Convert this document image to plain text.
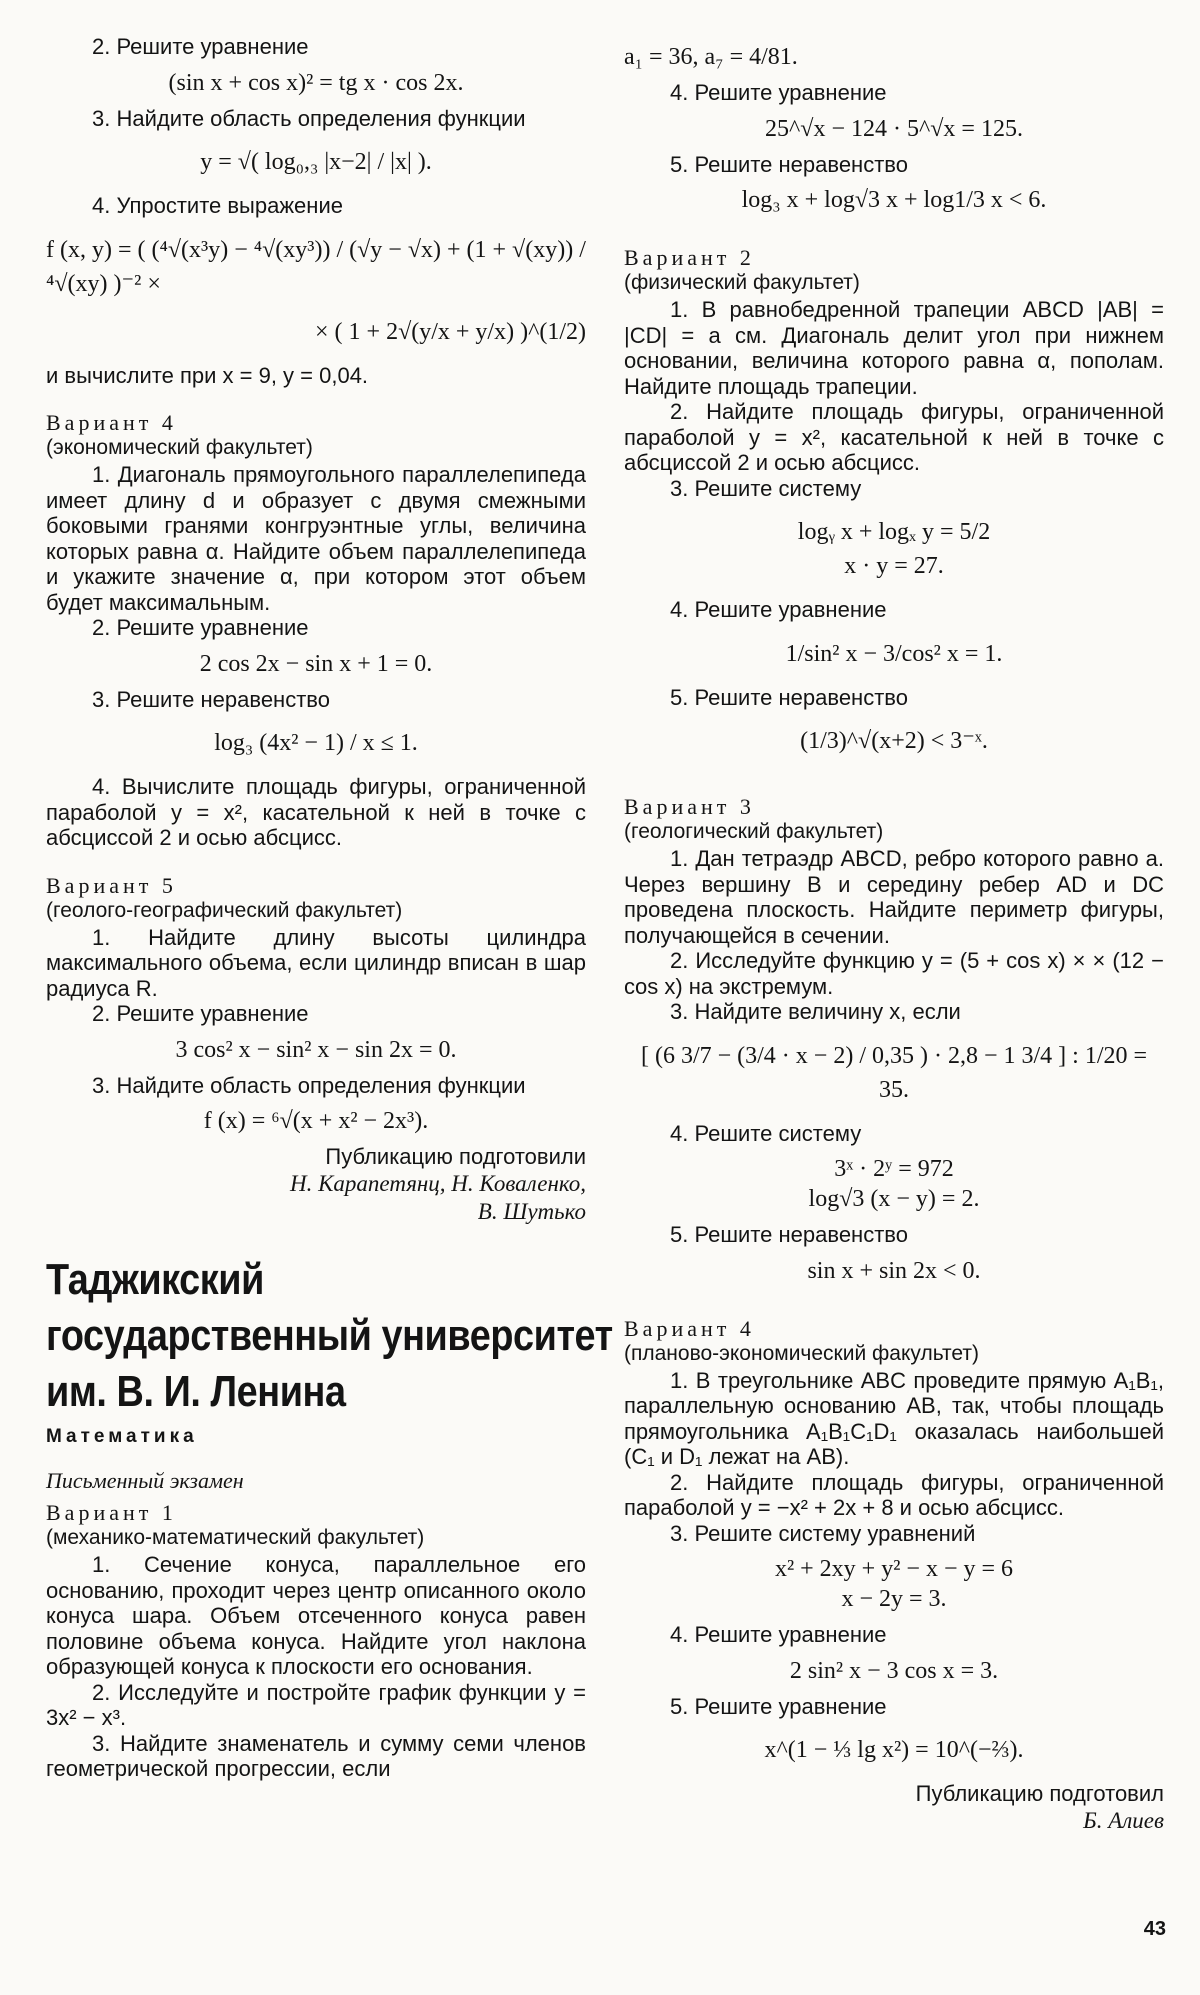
2. Решите уравнение

(sin x + cos x)² = tg x · cos 2x.

3. Найдите область определения функции

y = √( log₀,₃ |x−2| / |x| ).

4. Упростите выражение

f (x, y) = ( (⁴√(x³y) − ⁴√(xy³)) / (√y − √x) + (1 + √(xy)) / ⁴√(xy) )⁻² ×

× ( 1 + 2√(y/x + y/x) )^(1/2)

и вычислите при x = 9, y = 0,04.

Вариант 4

(экономический факультет)

1. Диагональ прямоугольного параллелепипеда имеет длину d и образует с двумя смежными боковыми гранями конгруэнтные углы, величина которых равна α. Найдите объем параллелепипеда и укажите значение α, при котором этот объем будет максимальным.

2. Решите уравнение

2 cos 2x − sin x + 1 = 0.

3. Решите неравенство

log₃ (4x² − 1) / x ≤ 1.

4. Вычислите площадь фигуры, ограниченной параболой y = x², касательной к ней в точке с абсциссой 2 и осью абсцисс.

Вариант 5

(геолого-географический факультет)

1. Найдите длину высоты цилиндра максимального объема, если цилиндр вписан в шар радиуса R.

2. Решите уравнение

3 cos² x − sin² x − sin 2x = 0.

3. Найдите область определения функции

f (x) = ⁶√(x + x² − 2x³).

Публикацию подготовили

Н. Карапетянц, Н. Коваленко,

В. Шутько

Таджикский

государственный университет

им. В. И. Ленина

Математика

Письменный экзамен

Вариант 1

(механико-математический факультет)

1. Сечение конуса, параллельное его основанию, проходит через центр описанного около конуса шара. Объем отсеченного конуса равен половине объема конуса. Найдите угол наклона образующей конуса к плоскости его основания.

2. Исследуйте и постройте график функции y = 3x² − x³.

3. Найдите знаменатель и сумму семи членов геометрической прогрессии, если

a₁ = 36, a₇ = 4/81.

4. Решите уравнение

25^√x − 124 · 5^√x = 125.

5. Решите неравенство

log₃ x + log√3 x + log1/3 x < 6.

Вариант 2

(физический факультет)

1. В равнобедренной трапеции ABCD |AB| = |CD| = a см. Диагональ делит угол при нижнем основании, величина которого равна α, пополам. Найдите площадь трапеции.

2. Найдите площадь фигуры, ограниченной параболой y = x², касательной к ней в точке с абсциссой 2 и осью абсцисс.

3. Решите систему

logᵧ x + logₓ y = 5/2

x · y = 27.

4. Решите уравнение

1/sin² x − 3/cos² x = 1.

5. Решите неравенство

(1/3)^√(x+2) < 3⁻ˣ.

Вариант 3

(геологический факультет)

1. Дан тетраэдр ABCD, ребро которого равно a. Через вершину B и середину ребер AD и DC проведена плоскость. Найдите периметр фигуры, получающейся в сечении.

2. Исследуйте функцию y = (5 + cos x) × × (12 − cos x) на экстремум.

3. Найдите величину x, если

[ (6 3/7 − (3/4 · x − 2) / 0,35 ) · 2,8 − 1 3/4 ] : 1/20 = 35.

4. Решите систему

3ˣ · 2ʸ = 972

log√3 (x − y) = 2.

5. Решите неравенство

sin x + sin 2x < 0.

Вариант 4

(планово-экономический факультет)

1. В треугольнике ABC проведите прямую A₁B₁, параллельную основанию AB, так, чтобы площадь прямоугольника A₁B₁C₁D₁ оказалась наибольшей (C₁ и D₁ лежат на AB).

2. Найдите площадь фигуры, ограниченной параболой y = −x² + 2x + 8 и осью абсцисс.

3. Решите систему уравнений

x² + 2xy + y² − x − y = 6

x − 2y = 3.

4. Решите уравнение

2 sin² x − 3 cos x = 3.

5. Решите уравнение

x^(1 − ⅓ lg x²) = 10^(−⅔).

Публикацию подготовил

Б. Алиев

43
